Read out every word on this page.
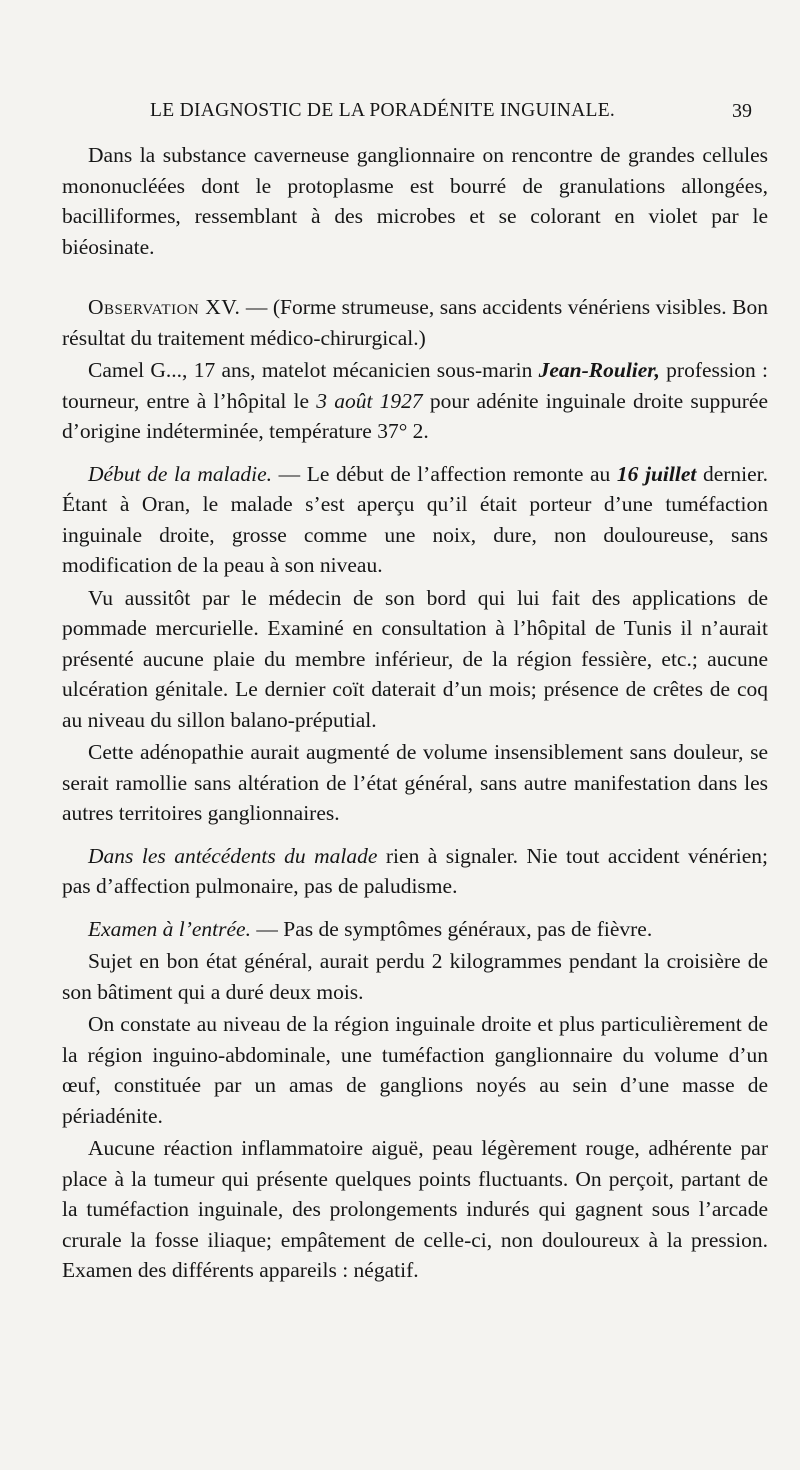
LE DIAGNOSTIC DE LA PORADÉNITE INGUINALE.	39

Dans la substance caverneuse ganglionnaire on rencontre de grandes cellules mononucléées dont le protoplasme est bourré de granulations allongées, bacilliformes, ressemblant à des microbes et se colorant en violet par le biéosinate.

Observation XV. — (Forme strumeuse, sans accidents vénériens visibles. Bon résultat du traitement médico-chirurgical.)

Camel G..., 17 ans, matelot mécanicien sous-marin Jean-Roulier, profession : tourneur, entre à l’hôpital le 3 août 1927 pour adénite inguinale droite suppurée d’origine indéterminée, température 37° 2.

Début de la maladie. — Le début de l’affection remonte au 16 juillet dernier. Étant à Oran, le malade s’est aperçu qu’il était porteur d’une tuméfaction inguinale droite, grosse comme une noix, dure, non douloureuse, sans modification de la peau à son niveau.

Vu aussitôt par le médecin de son bord qui lui fait des applications de pommade mercurielle. Examiné en consultation à l’hôpital de Tunis il n’aurait présenté aucune plaie du membre inférieur, de la région fessière, etc.; aucune ulcération génitale. Le dernier coït daterait d’un mois; présence de crêtes de coq au niveau du sillon balano-préputial.

Cette adénopathie aurait augmenté de volume insensiblement sans douleur, se serait ramollie sans altération de l’état général, sans autre manifestation dans les autres territoires ganglionnaires.

Dans les antécédents du malade rien à signaler. Nie tout accident vénérien; pas d’affection pulmonaire, pas de paludisme.

Examen à l’entrée. — Pas de symptômes généraux, pas de fièvre.

Sujet en bon état général, aurait perdu 2 kilogrammes pendant la croisière de son bâtiment qui a duré deux mois.

On constate au niveau de la région inguinale droite et plus particulièrement de la région inguino-abdominale, une tuméfaction ganglionnaire du volume d’un œuf, constituée par un amas de ganglions noyés au sein d’une masse de périadénite.

Aucune réaction inflammatoire aiguë, peau légèrement rouge, adhérente par place à la tumeur qui présente quelques points fluctuants. On perçoit, partant de la tuméfaction inguinale, des prolongements indurés qui gagnent sous l’arcade crurale la fosse iliaque; empâtement de celle-ci, non douloureux à la pression. Examen des différents appareils : négatif.
